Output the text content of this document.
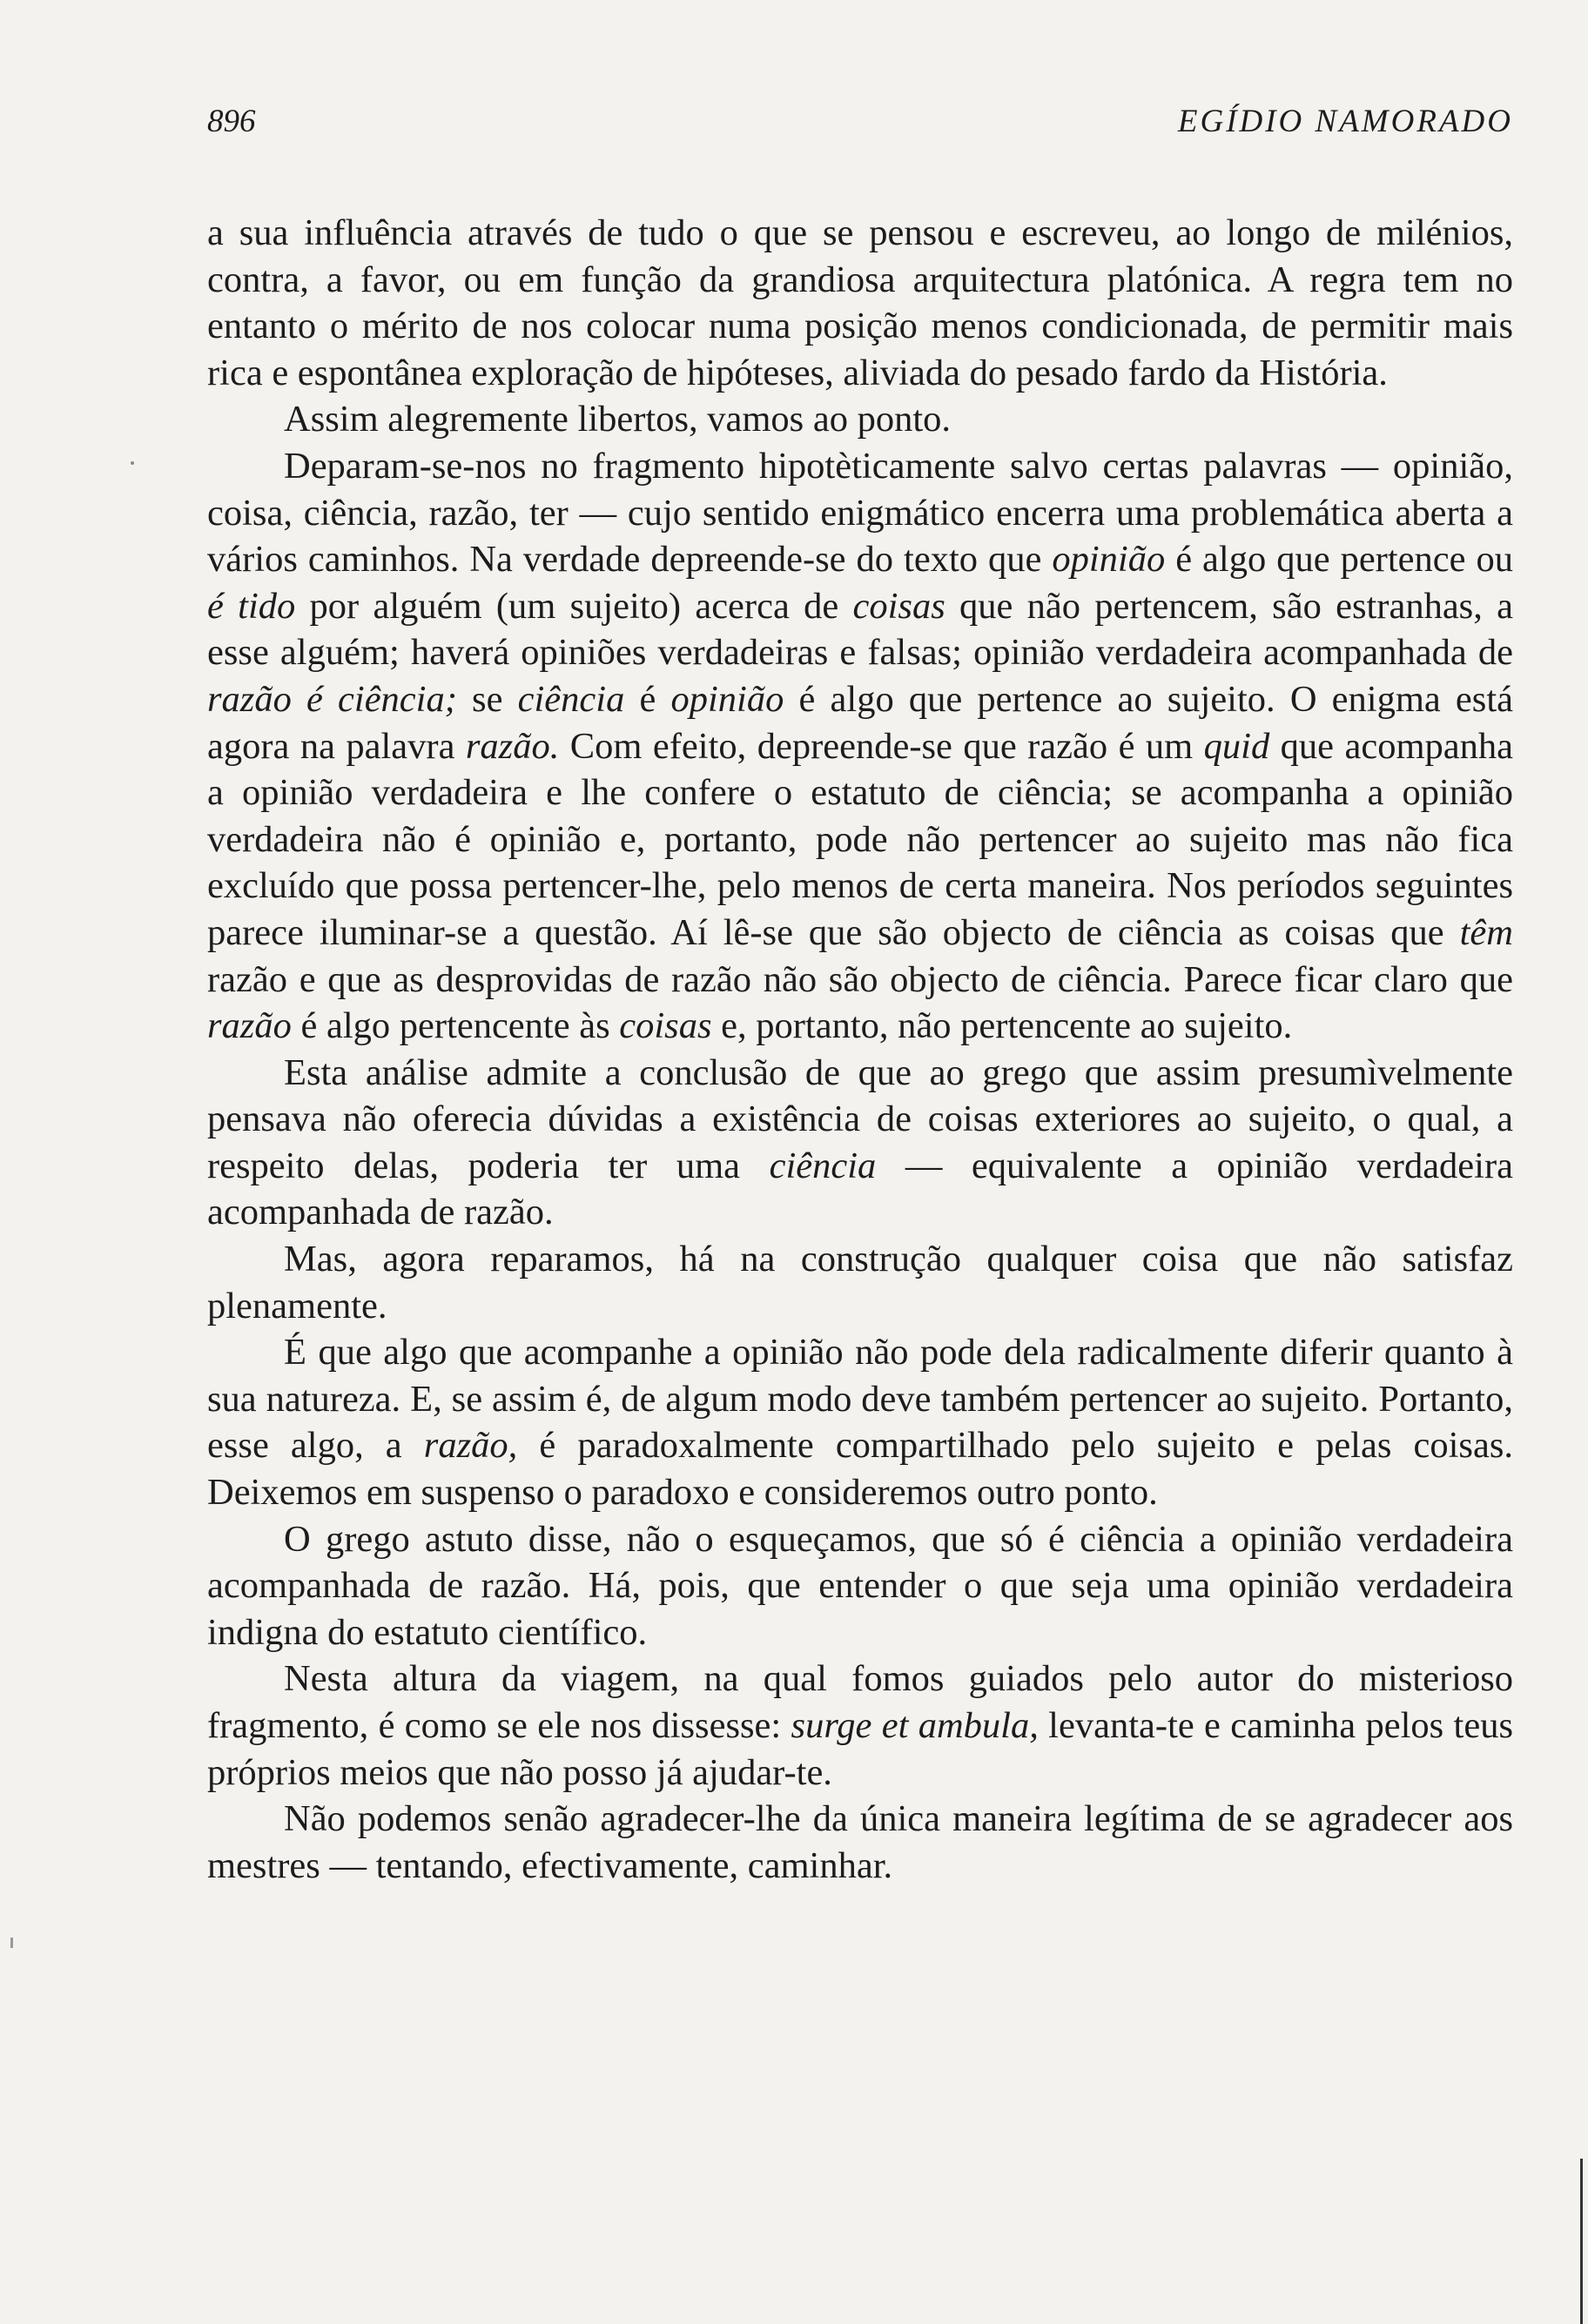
896	EGÍDIO NAMORADO

a sua influência através de tudo o que se pensou e escreveu, ao longo de milénios, contra, a favor, ou em função da grandiosa arquitectura platónica. A regra tem no entanto o mérito de nos colocar numa posição menos condicionada, de permitir mais rica e espontânea exploração de hipóteses, aliviada do pesado fardo da História.

Assim alegremente libertos, vamos ao ponto.

Deparam-se-nos no fragmento hipotèticamente salvo certas palavras — opinião, coisa, ciência, razão, ter — cujo sentido enigmático encerra uma problemática aberta a vários caminhos. Na verdade depreende-se do texto que opinião é algo que pertence ou é tido por alguém (um sujeito) acerca de coisas que não pertencem, são estranhas, a esse alguém; haverá opiniões verdadeiras e falsas; opinião verdadeira acompanhada de razão é ciência; se ciência é opinião é algo que pertence ao sujeito. O enigma está agora na palavra razão. Com efeito, depreende-se que razão é um quid que acompanha a opinião verdadeira e lhe confere o estatuto de ciência; se acompanha a opinião verdadeira não é opinião e, portanto, pode não pertencer ao sujeito mas não fica excluído que possa pertencer-lhe, pelo menos de certa maneira. Nos períodos seguintes parece iluminar-se a questão. Aí lê-se que são objecto de ciência as coisas que têm razão e que as desprovidas de razão não são objecto de ciência. Parece ficar claro que razão é algo pertencente às coisas e, portanto, não pertencente ao sujeito.

Esta análise admite a conclusão de que ao grego que assim presumìvelmente pensava não oferecia dúvidas a existência de coisas exteriores ao sujeito, o qual, a respeito delas, poderia ter uma ciência — equivalente a opinião verdadeira acompanhada de razão.

Mas, agora reparamos, há na construção qualquer coisa que não satisfaz plenamente.

É que algo que acompanhe a opinião não pode dela radicalmente diferir quanto à sua natureza. E, se assim é, de algum modo deve também pertencer ao sujeito. Portanto, esse algo, a razão, é paradoxalmente compartilhado pelo sujeito e pelas coisas. Deixemos em suspenso o paradoxo e consideremos outro ponto.

O grego astuto disse, não o esqueçamos, que só é ciência a opinião verdadeira acompanhada de razão. Há, pois, que entender o que seja uma opinião verdadeira indigna do estatuto científico.

Nesta altura da viagem, na qual fomos guiados pelo autor do misterioso fragmento, é como se ele nos dissesse: surge et ambula, levanta-te e caminha pelos teus próprios meios que não posso já ajudar-te.

Não podemos senão agradecer-lhe da única maneira legítima de se agradecer aos mestres — tentando, efectivamente, caminhar.
